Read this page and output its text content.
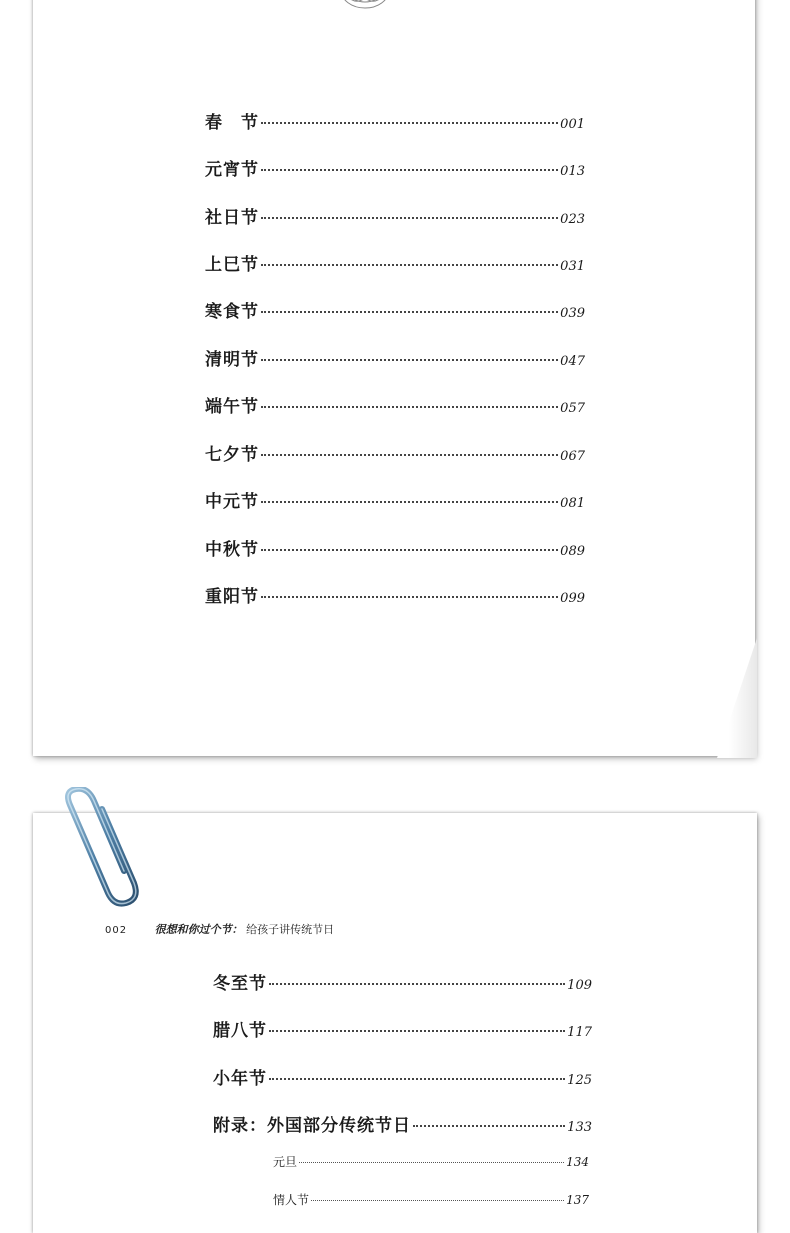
春　节	001
元宵节	013
社日节	023
上巳节	031
寒食节	039
清明节	047
端午节	057
七夕节	067
中元节	081
中秋节	089
重阳节	099
002	很想和你过个节： 给孩子讲传统节日
冬至节	109
腊八节	117
小年节	125
附录：外国部分传统节日	133
元旦	134
情人节	137
